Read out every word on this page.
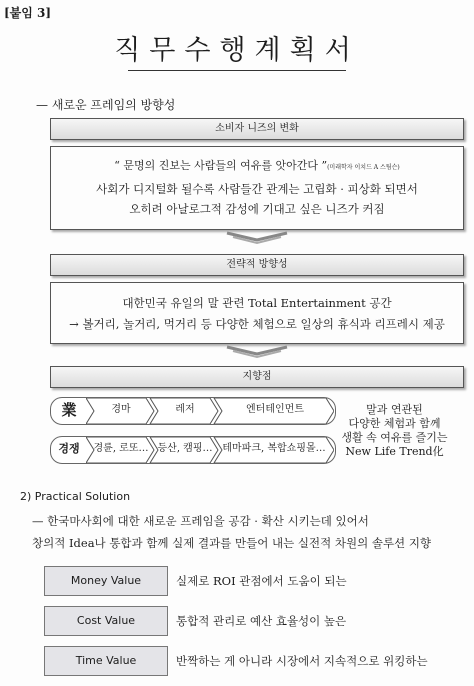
[붙임 3]
직무수행계획서
— 새로운 프레임의 방향성
소비자 니즈의 변화
“ 문명의 진보는 사람들의 여유를 앗아간다 ”(미래학자 이치드 A 스팀슨)
사회가 디지털화 될수록 사람들간 관계는 고립화 · 피상화 되면서
오히려 아날로그적 감성에 기대고 싶은 니즈가 커짐
전략적 방향성
대한민국 유일의 말 관련 Total Entertainment 공간
→ 볼거리, 놀거리, 먹거리 등 다양한 체험으로 일상의 휴식과 리프레시 제공
지향점
業	경마	레저	엔터테인먼트
경쟁	경륜, 로또… 등산, 캠핑… 테마파크, 복합쇼핑몰…
말과 연관된
다양한 체험과 함께
생활 속 여유를 즐기는
New Life Trend化
2) Practical Solution
— 한국마사회에 대한 새로운 프레임을 공감 · 확산 시키는데 있어서
창의적 Idea나 통합과 함께 실제 결과를 만들어 내는 실전적 차원의 솔루션 지향
Money Value	실제로 ROI 관점에서 도움이 되는
Cost Value	통합적 관리로 예산 효율성이 높은
Time Value	반짝하는 게 아니라 시장에서 지속적으로 위킹하는
